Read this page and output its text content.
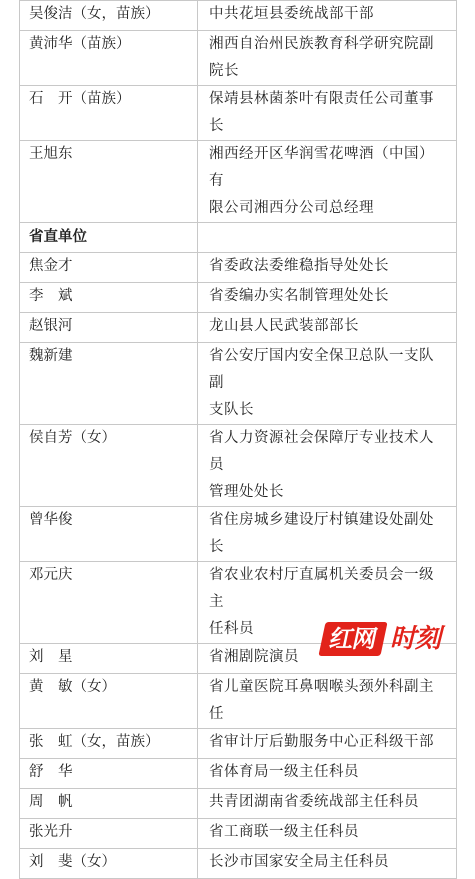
吴俊洁（女，苗族）	中共花垣县委统战部干部
黄沛华（苗族）	湘西自治州民族教育科学研究院副院长
石　开（苗族）	保靖县林菌茶叶有限责任公司董事长
王旭东	湘西经开区华润雪花啤酒（中国）有
限公司湘西分公司总经理

省直单位	
焦金才	省委政法委维稳指导处处长
李　斌	省委编办实名制管理处处长
赵银河	龙山县人民武装部部长
魏新建	省公安厅国内安全保卫总队一支队副
支队长

侯自芳（女）	省人力资源社会保障厅专业技术人员
管理处处长

曾华俊	省住房城乡建设厅村镇建设处副处长
邓元庆	省农业农村厅直属机关委员会一级主
任科员

刘　星	省湘剧院演员
黄　敏（女）	省儿童医院耳鼻咽喉头颈外科副主任
张　虹（女，苗族）	省审计厅后勤服务中心正科级干部
舒　华	省体育局一级主任科员
周　帆	共青团湖南省委统战部主任科员
张光升	省工商联一级主任科员
刘　斐（女）	长沙市国家安全局主任科员
红网 时刻
